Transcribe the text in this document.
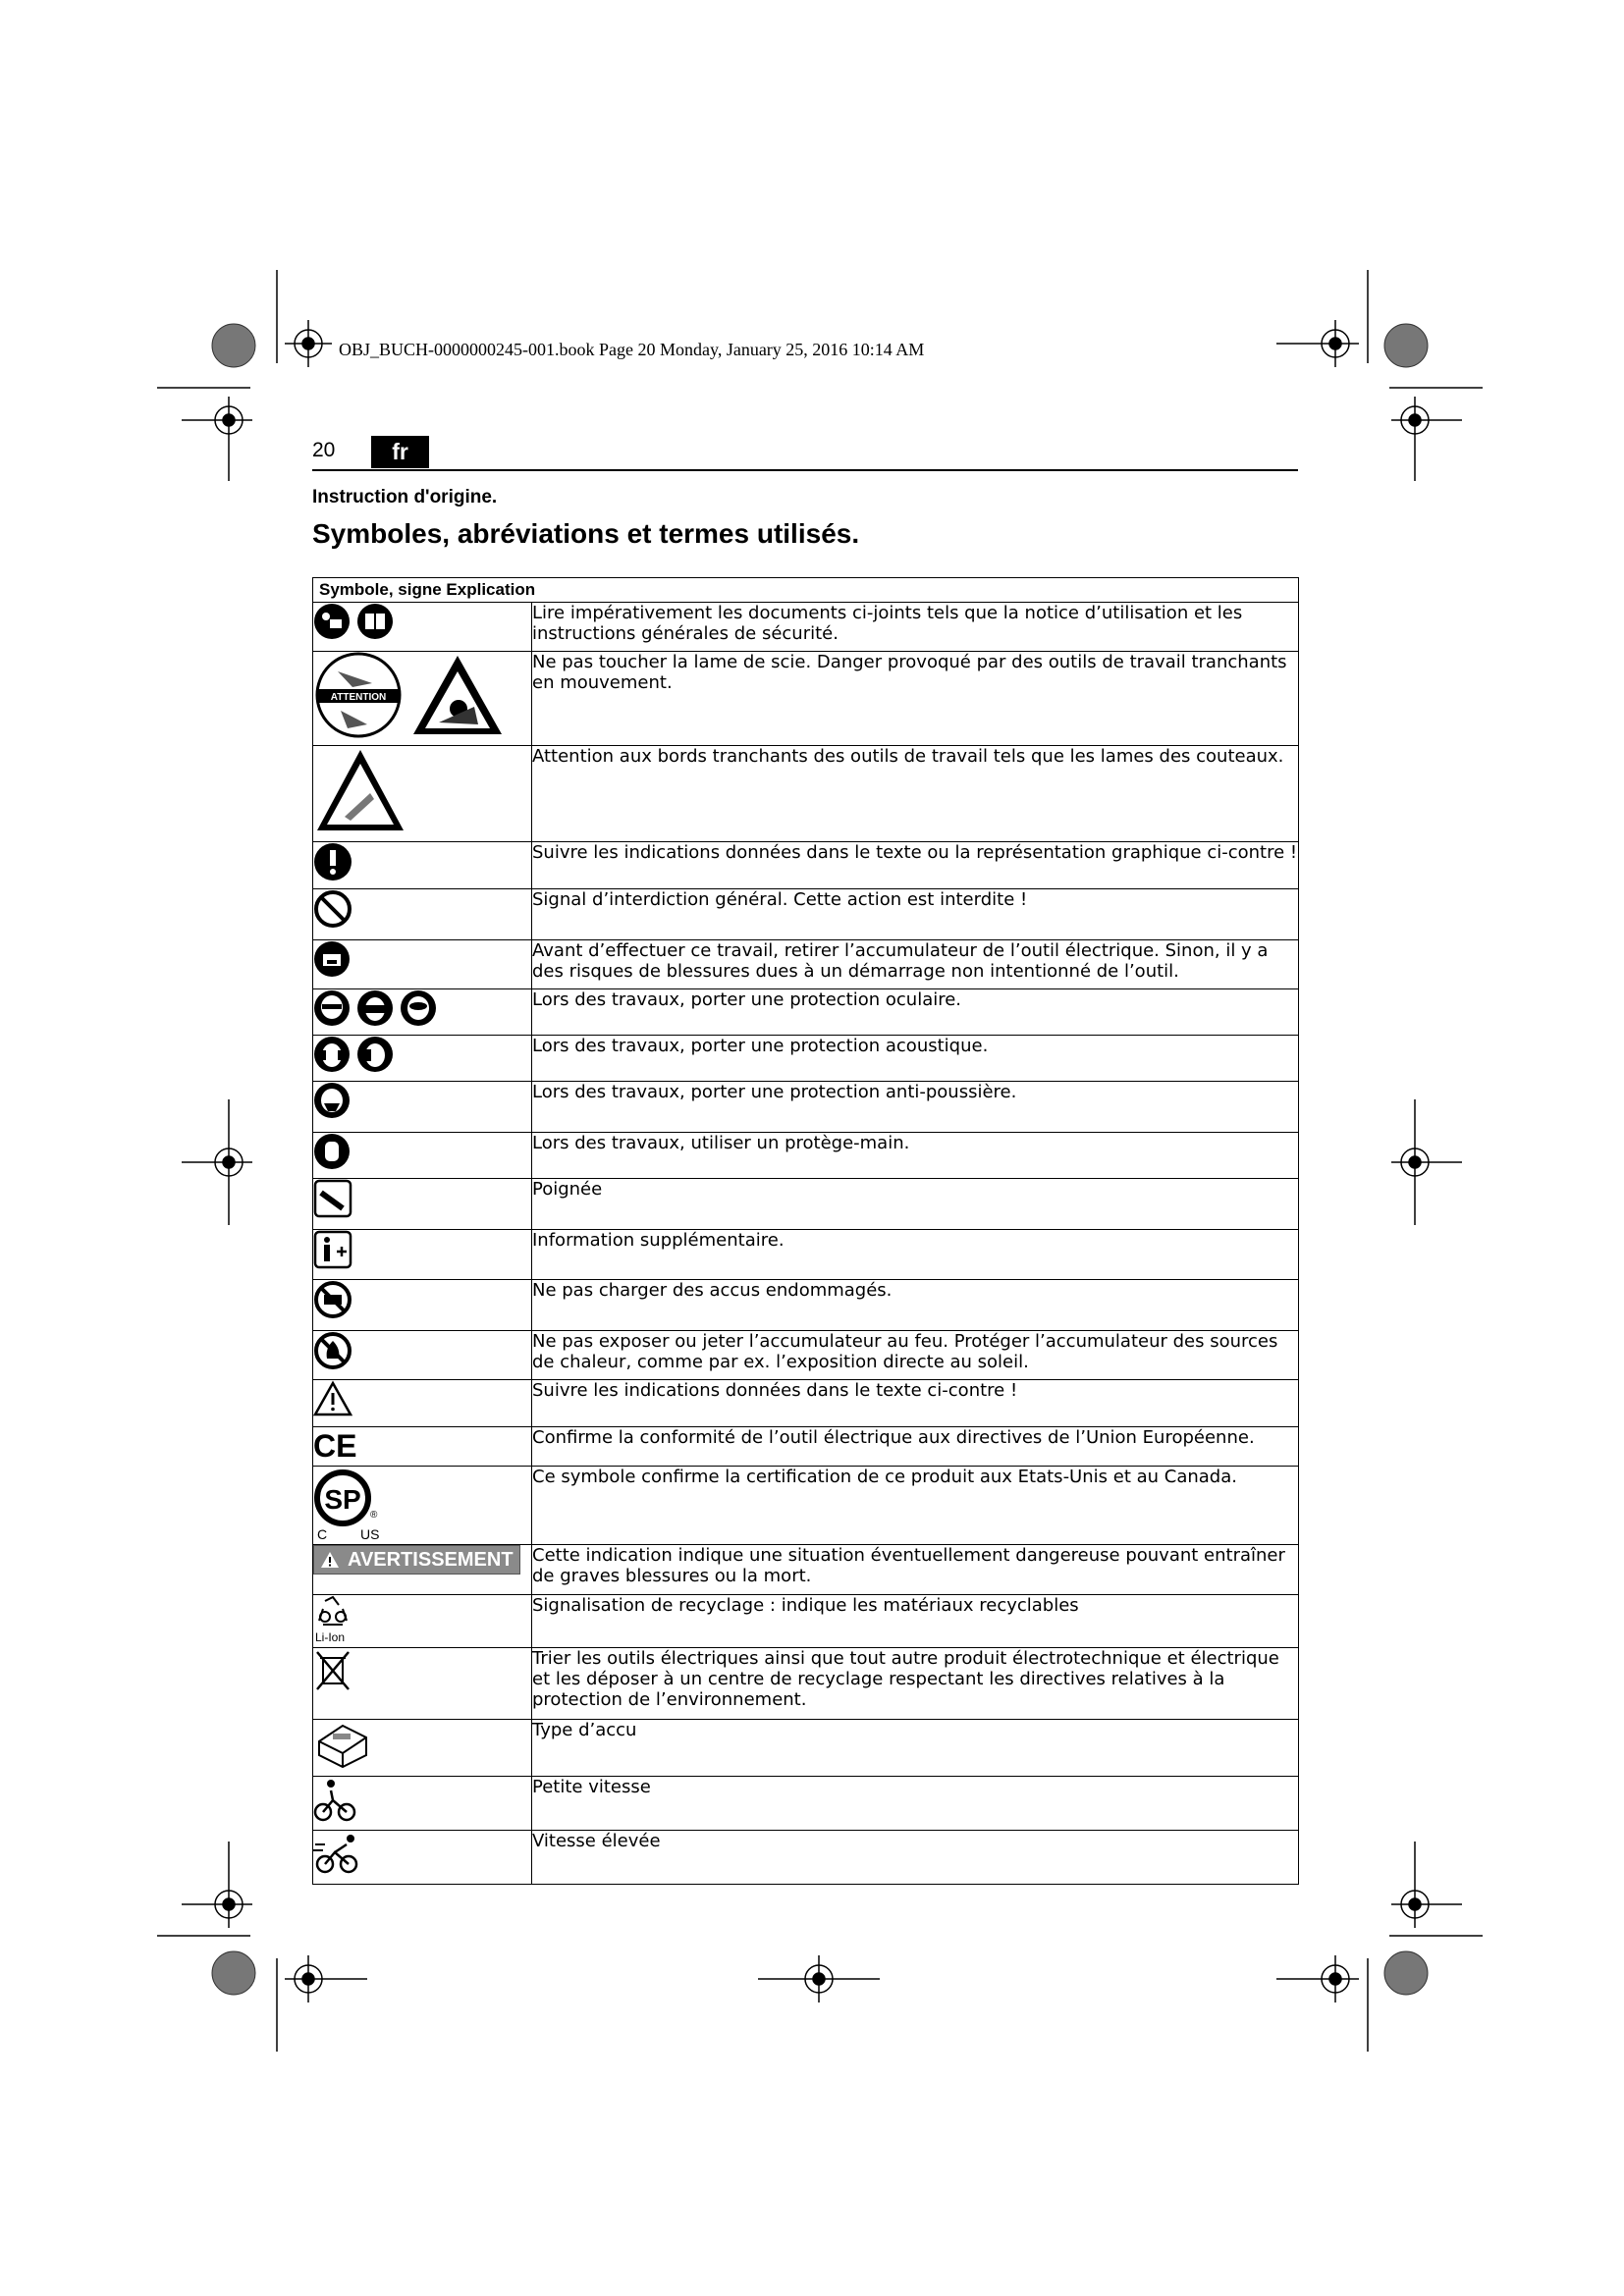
OBJ_BUCH-0000000245-001.book Page 20 Monday, January 25, 2016 10:14 AM
20	fr
Instruction d'origine.
Symboles, abréviations et termes utilisés.
Symbole, signe Explication	

	Lire impérativement les documents ci-joints tels que la notice d’utilisation et les instructions générales de sécurité.

ATTENTION	Ne pas toucher la lame de scie. Danger provoqué par des outils de travail tranchants en mouvement.

	Attention aux bords tranchants des outils de travail tels que les lames des couteaux.

	Suivre les indications données dans le texte ou la représentation graphique ci-contre !

	Signal d’interdiction général. Cette action est interdite !

	Avant d’effectuer ce travail, retirer l’accumulateur de l’outil électrique. Sinon, il y a des risques de blessures dues à un démarrage non intentionné de l’outil.

	Lors des travaux, porter une protection oculaire.

	Lors des travaux, porter une protection acoustique.

	Lors des travaux, porter une protection anti-poussière.

	Lors des travaux, utiliser un protège-main.

	Poignée

	Information supplémentaire.

	Ne pas charger des accus endommagés.

	Ne pas exposer ou jeter l’accumulateur au feu. Protéger l’accumulateur des sources de chaleur, comme par ex. l’exposition directe au soleil.

	Suivre les indications données dans le texte ci-contre !

CE	Confirme la conformité de l’outil électrique aux directives de l’Union Européenne.

SP
®
C US	Ce symbole confirme la certification de ce produit aux Etats-Unis et au Canada.

AVERTISSEMENT	Cette indication indique une situation éventuellement dangereuse pouvant entraîner de graves blessures ou la mort.

Li-Ion	Signalisation de recyclage : indique les matériaux recyclables

	Trier les outils électriques ainsi que tout autre produit électrotechnique et électrique et les déposer à un centre de recyclage respectant les directives relatives à la protection de l’environnement.

	Type d’accu

	Petite vitesse

	Vitesse élevée
